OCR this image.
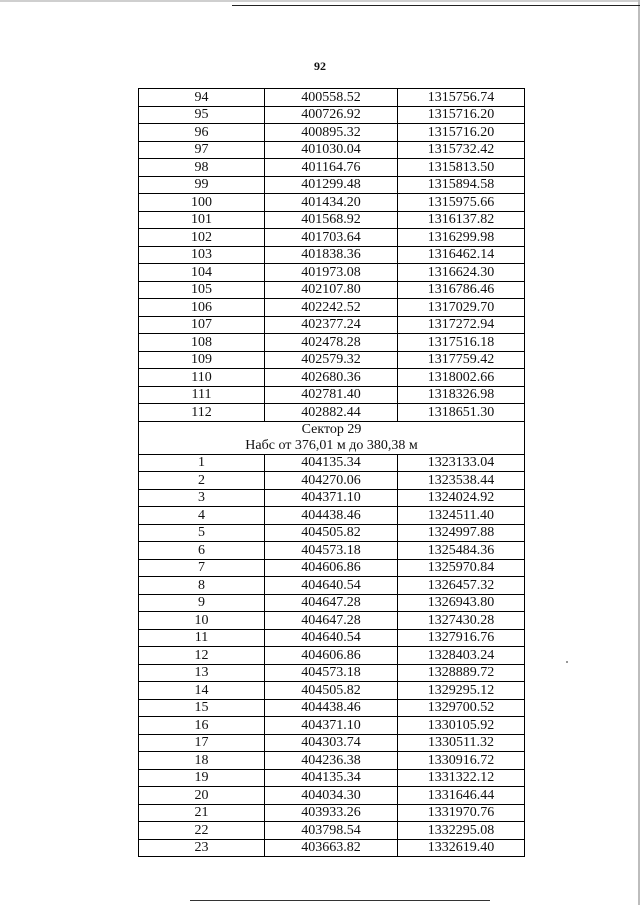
92
94	400558.52	1315756.74
95	400726.92	1315716.20
96	400895.32	1315716.20
97	401030.04	1315732.42
98	401164.76	1315813.50
99	401299.48	1315894.58
100	401434.20	1315975.66
101	401568.92	1316137.82
102	401703.64	1316299.98
103	401838.36	1316462.14
104	401973.08	1316624.30
105	402107.80	1316786.46
106	402242.52	1317029.70
107	402377.24	1317272.94
108	402478.28	1317516.18
109	402579.32	1317759.42
110	402680.36	1318002.66
111	402781.40	1318326.98
112	402882.44	1318651.30

Сектор 29
Набс от 376,01 м до 380,38 м		

1	404135.34	1323133.04
2	404270.06	1323538.44
3	404371.10	1324024.92
4	404438.46	1324511.40
5	404505.82	1324997.88
6	404573.18	1325484.36
7	404606.86	1325970.84
8	404640.54	1326457.32
9	404647.28	1326943.80
10	404647.28	1327430.28
11	404640.54	1327916.76
12	404606.86	1328403.24
13	404573.18	1328889.72
14	404505.82	1329295.12
15	404438.46	1329700.52
16	404371.10	1330105.92
17	404303.74	1330511.32
18	404236.38	1330916.72
19	404135.34	1331322.12
20	404034.30	1331646.44
21	403933.26	1331970.76
22	403798.54	1332295.08
23	403663.82	1332619.40
